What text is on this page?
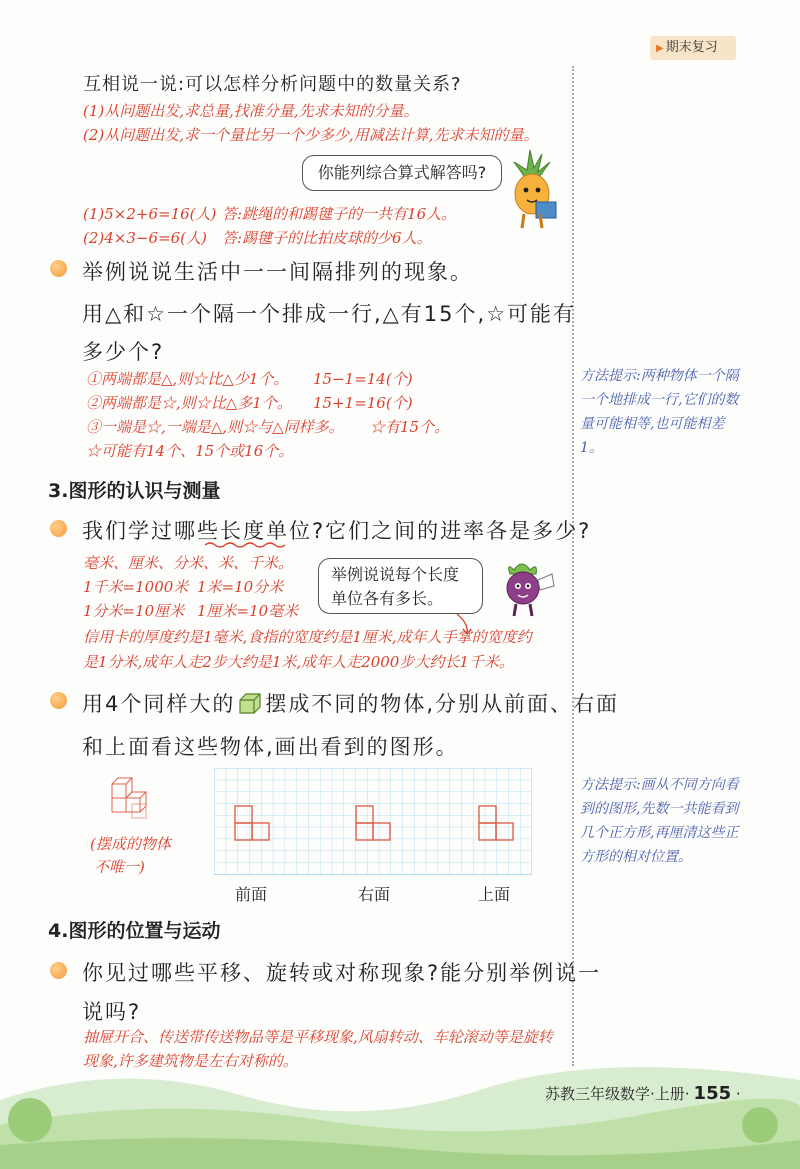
▶ 期末复习
互相说一说:可以怎样分析问题中的数量关系?
(1)从问题出发,求总量,找准分量,先求未知的分量。
(2)从问题出发,求一个量比另一个少多少,用减法计算,先求未知的量。
你能列综合算式解答吗?
(1)5×2+6=16(人) 答:跳绳的和踢毽子的一共有16人。
(2)4×3−6=6(人) 答:踢毽子的比拍皮球的少6人。
举例说说生活中一一间隔排列的现象。
用△和☆一个隔一个排成一行,△有15个,☆可能有
多少个?
①两端都是△,则☆比△少1个。 15−1=14(个)
②两端都是☆,则☆比△多1个。 15+1=16(个)
③一端是☆,一端是△,则☆与△同样多。 ☆有15个。
☆可能有14个、15个或16个。
方法提示:两种物体一个隔一个地排成一行,它们的数量可能相等,也可能相差1。
3.图形的认识与测量
我们学过哪些长度单位?它们之间的进率各是多少?
毫米、厘米、分米、米、千米。
1千米=1000米 1米=10分米
1分米=10厘米 1厘米=10毫米
举例说说每个长度
单位各有多长。
信用卡的厚度约是1毫米,食指的宽度约是1厘米,成年人手掌的宽度约
是1分米,成年人走2步大约是1米,成年人走2000步大约长1千米。
用4个同样大的 摆成不同的物体,分别从前面、右面
和上面看这些物体,画出看到的图形。
(摆成的物体
不唯一)
前面	右面	上面
方法提示:画从不同方向看到的图形,先数一共能看到几个正方形,再厘清这些正方形的相对位置。
4.图形的位置与运动
你见过哪些平移、旋转或对称现象?能分别举例说一
说吗?
抽屉开合、传送带传送物品等是平移现象,风扇转动、车轮滚动等是旋转
现象,许多建筑物是左右对称的。
苏教三年级数学·上册· 155 ·
